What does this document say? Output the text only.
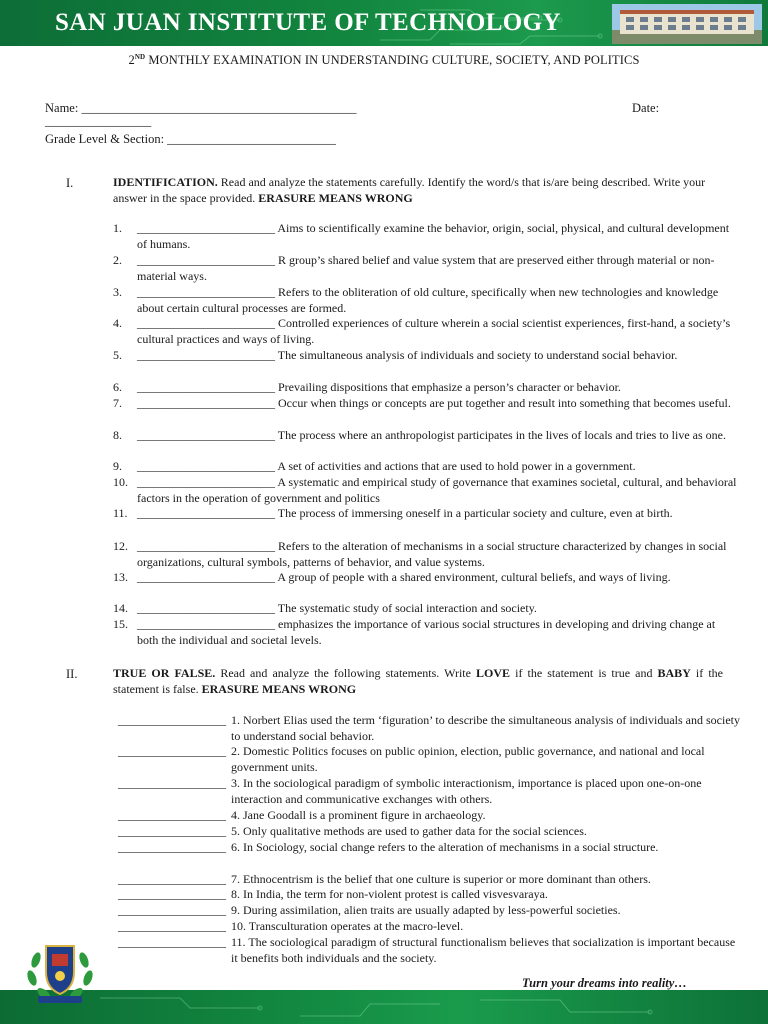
SAN JUAN INSTITUTE OF TECHNOLOGY
2ND MONTHLY EXAMINATION IN UNDERSTANDING CULTURE, SOCIETY, AND POLITICS
Name: ____________________________________________	Date:
_________________
Grade Level & Section: ___________________________
I.	IDENTIFICATION. Read and analyze the statements carefully. Identify the word/s that is/are being described. Write your answer in the space provided. ERASURE MEANS WRONG
1. _______________________ Aims to scientifically examine the behavior, origin, social, physical, and cultural development of humans.
2. _______________________ R group’s shared belief and value system that are preserved either through material or non-material ways.
3. _______________________ Refers to the obliteration of old culture, specifically when new technologies and knowledge about certain cultural processes are formed.
4. _______________________ Controlled experiences of culture wherein a social scientist experiences, first-hand, a society’s cultural practices and ways of living.
5. _______________________ The simultaneous analysis of individuals and society to understand social behavior.
6. _______________________ Prevailing dispositions that emphasize a person’s character or behavior.
7. _______________________ Occur when things or concepts are put together and result into something that becomes useful.
8. _______________________ The process where an anthropologist participates in the lives of locals and tries to live as one.
9. _______________________ A set of activities and actions that are used to hold power in a government.
10. _______________________ A systematic and empirical study of governance that examines societal, cultural, and behavioral factors in the operation of government and politics
11. _______________________ The process of immersing oneself in a particular society and culture, even at birth.
12. _______________________ Refers to the alteration of mechanisms in a social structure characterized by changes in social organizations, cultural symbols, patterns of behavior, and value systems.
13. _______________________ A group of people with a shared environment, cultural beliefs, and ways of living.
14. _______________________ The systematic study of social interaction and society.
15. _______________________ emphasizes the importance of various social structures in developing and driving change at both the individual and societal levels.
II.	TRUE OR FALSE. Read and analyze the following statements. Write LOVE if the statement is true and BABY if the statement is false. ERASURE MEANS WRONG
__________________ 1. Norbert Elias used the term ‘figuration’ to describe the simultaneous analysis of individuals and society to understand social behavior.
__________________ 2. Domestic Politics focuses on public opinion, election, public governance, and national and local government units.
__________________ 3. In the sociological paradigm of symbolic interactionism, importance is placed upon one-on-one interaction and communicative exchanges with others.
__________________ 4. Jane Goodall is a prominent figure in archaeology.
__________________ 5. Only qualitative methods are used to gather data for the social sciences.
__________________ 6. In Sociology, social change refers to the alteration of mechanisms in a social structure.
__________________ 7. Ethnocentrism is the belief that one culture is superior or more dominant than others.
__________________ 8. In India, the term for non-violent protest is called visvesvaraya.
__________________ 9. During assimilation, alien traits are usually adapted by less-powerful societies.
__________________ 10. Transculturation operates at the macro-level.
__________________ 11. The sociological paradigm of structural functionalism believes that socialization is important because it benefits both individuals and the society.
Turn your dreams into reality…
